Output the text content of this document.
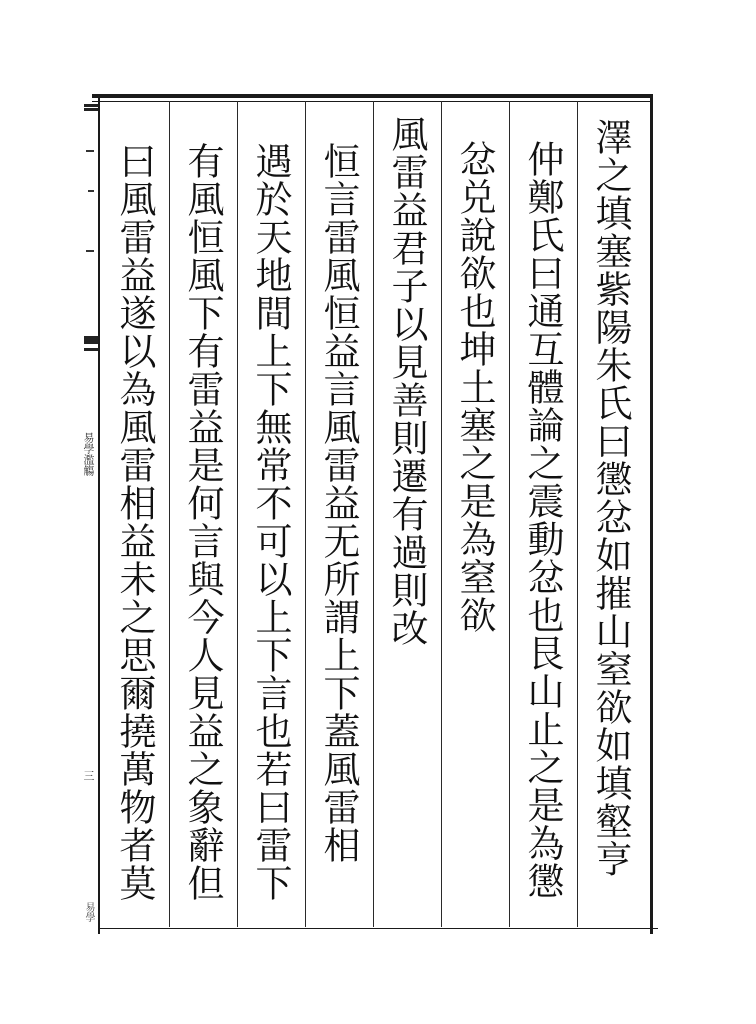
澤之填塞紫陽朱氏曰懲忿如摧山窒欲如填壑亨
仲鄭氏曰通互體論之震動忿也艮山止之是為懲
忿兑說欲也坤土塞之是為窒欲
風雷益君子以見善則遷有過則改
恒言雷風恒益言風雷益无所謂上下蓋風雷相
遇於天地間上下無常不可以上下言也若曰雷下
有風恒風下有雷益是何言與今人見益之象辭但
曰風雷益遂以為風雷相益未之思爾撓萬物者莫
易學濫觴
三
易學
